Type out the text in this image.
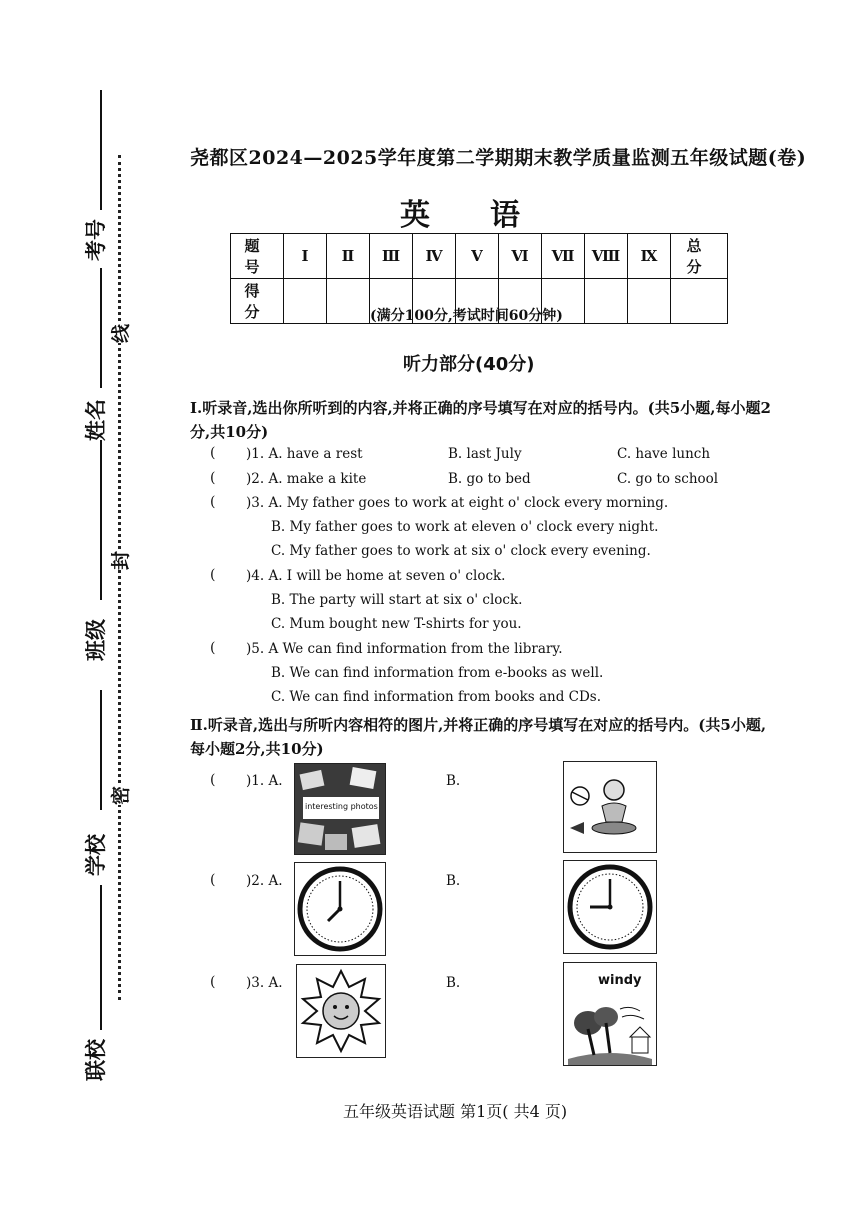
考号
姓名
班级
学校
联校
线
封
密
尧都区2024—2025学年度第二学期期末教学质量监测五年级试题(卷)
英语
题 号	Ⅰ	Ⅱ	Ⅲ	Ⅳ	Ⅴ	Ⅵ	Ⅶ	Ⅷ	Ⅸ	总 分
得 分											(满分100分,考试时间60分钟)
听力部分(40分)
Ⅰ.听录音,选出你所听到的内容,并将正确的序号填写在对应的括号内。(共5小题,每小题2分,共10分)
( )1. A. have a rest	B. last July	C. have lunch
( )2. A. make a kite	B. go to bed	C. go to school
( )3. A. My father goes to work at eight o' clock every morning.
B. My father goes to work at eleven o' clock every night.
C. My father goes to work at six o' clock every evening.
( )4. A. I will be home at seven o' clock.
B. The party will start at six o' clock.
C. Mum bought new T-shirts for you.
( )5. A We can find information from the library.
B. We can find information from e-books as well.
C. We can find information from books and CDs.
Ⅱ.听录音,选出与所听内容相符的图片,并将正确的序号填写在对应的括号内。(共5小题,每小题2分,共10分)
( )1. A.
interesting photos
B.
( )2. A.	B.
( )3. A.	B.	windy
五年级英语试题 第1页( 共4 页)
